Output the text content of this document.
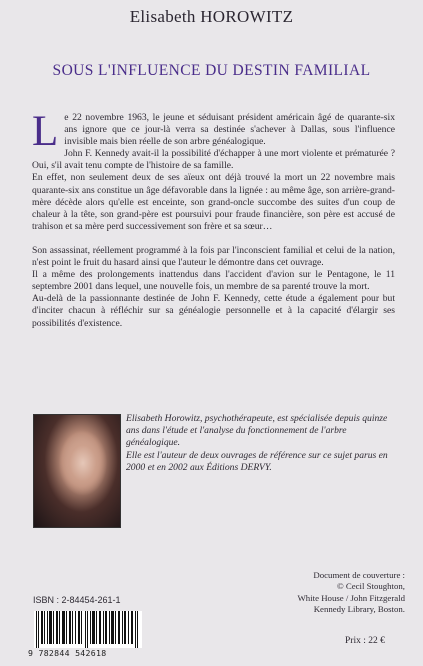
Elisabeth HOROWITZ
SOUS L'INFLUENCE DU DESTIN FAMILIAL

Le 22 novembre 1963, le jeune et séduisant président américain âgé de quarante-six ans ignore que ce jour-là verra sa destinée s'achever à Dallas, sous l'influence invisible mais bien réelle de son arbre généalogique.

John F. Kennedy avait-il la possibilité d'échapper à une mort violente et prématurée ? Oui, s'il avait tenu compte de l'histoire de sa famille.

En effet, non seulement deux de ses aïeux ont déjà trouvé la mort un 22 novembre mais quarante-six ans constitue un âge défavorable dans la lignée : au même âge, son arrière-grand-mère décède alors qu'elle est enceinte, son grand-oncle succombe des suites d'un coup de chaleur à la tête, son grand-père est poursuivi pour fraude financière, son père est accusé de trahison et sa mère perd successivement son frère et sa sœur…

Son assassinat, réellement programmé à la fois par l'inconscient familial et celui de la nation, n'est point le fruit du hasard ainsi que l'auteur le démontre dans cet ouvrage.

Il a même des prolongements inattendus dans l'accident d'avion sur le Pentagone, le 11 septembre 2001 dans lequel, une nouvelle fois, un membre de sa parenté trouve la mort.

Au-delà de la passionnante destinée de John F. Kennedy, cette étude a également pour but d'inciter chacun à réfléchir sur sa généalogie personnelle et à la capacité d'élargir ses possibilités d'existence.

Elisabeth Horowitz, psychothérapeute, est spécialisée depuis quinze ans dans l'étude et l'analyse du fonctionnement de l'arbre généalogique.

Elle est l'auteur de deux ouvrages de référence sur ce sujet parus en 2000 et en 2002 aux Éditions DERVY.

Document de couverture :
© Cecil Stoughton,
White House / John Fitzgerald
Kennedy Library, Boston.
ISBN : 2-84454-261-1
9 782844 542618
Prix : 22 €
